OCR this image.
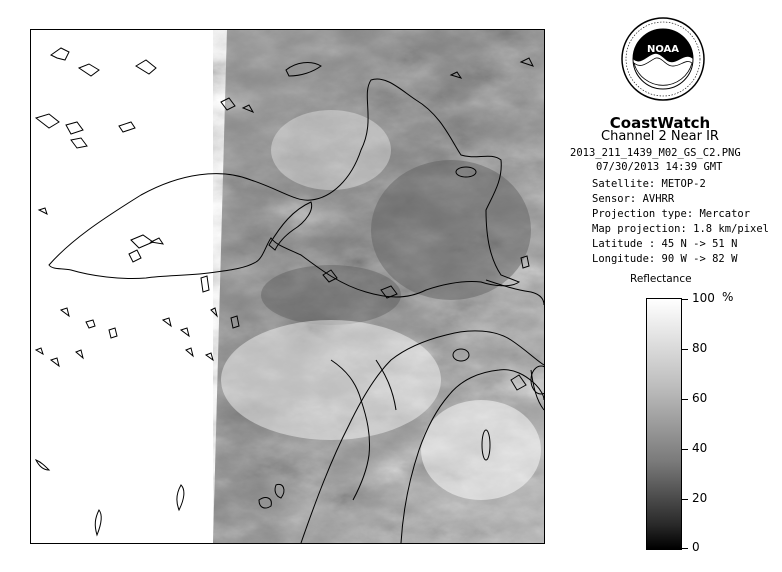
NOAA
CoastWatch
Channel 2 Near IR
2013_211_1439_M02_GS_C2.PNG
07/30/2013 14:39 GMT
Satellite: METOP-2
Sensor: AVHRR
Projection type: Mercator
Map projection: 1.8 km/pixel
Latitude : 45 N -> 51 N
Longitude: 90 W -> 82 W
Reflectance
%
100
80
60
40
20
0
